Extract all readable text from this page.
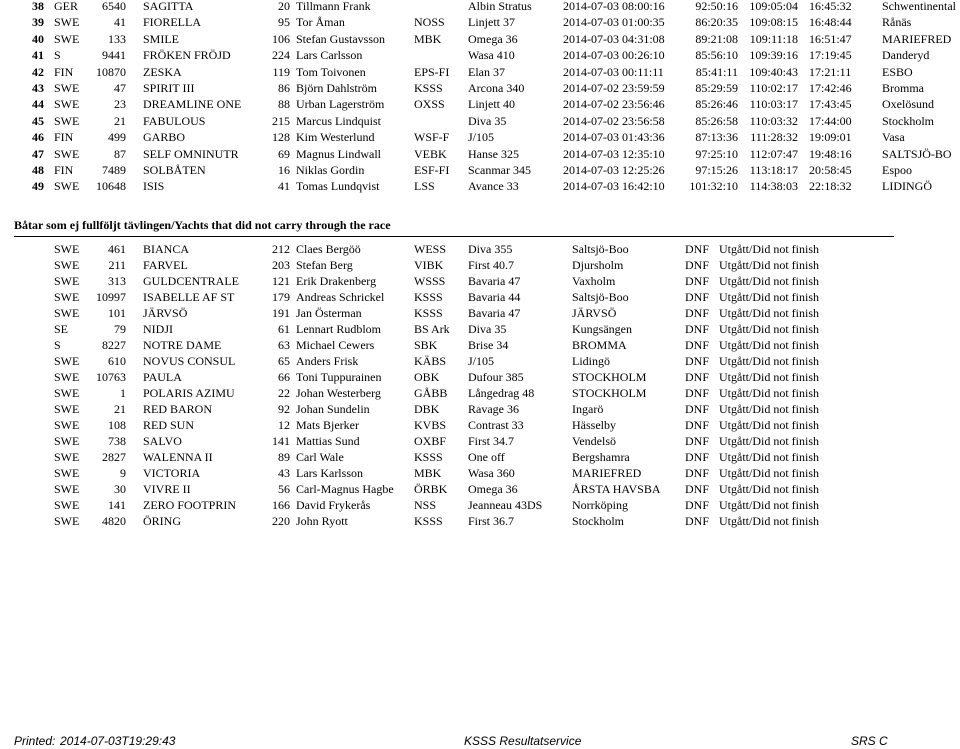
38 GER	6540 SAGITTA	20 Tillmann Frank	Albin Stratus	2014-07-03 08:00:16	92:50:16 109:05:04 16:45:32	Schwentinental
39 SWE	41 FIORELLA	95 Tor Åman	NOSS	Linjett 37	2014-07-03 01:00:35	86:20:35 109:08:15 16:48:44	Rånäs
40 SWE	133 SMILE	106 Stefan Gustavsson	MBK	Omega 36	2014-07-03 04:31:08	89:21:08 109:11:18 16:51:47	MARIEFRED
41 S	9441 FRÖKEN FRÖJD	224 Lars Carlsson	Wasa 410	2014-07-03 00:26:10	85:56:10 109:39:16 17:19:45	Danderyd
42 FIN	10870 ZESKA	119 Tom Toivonen	EPS-FI	Elan 37	2014-07-03 00:11:11	85:41:11 109:40:43 17:21:11	ESBO
43 SWE	47 SPIRIT III	86 Björn Dahlström	KSSS	Arcona 340	2014-07-02 23:59:59	85:29:59 110:02:17 17:42:46	Bromma
44 SWE	23 DREAMLINE ONE	88 Urban Lagerström	OXSS	Linjett 40	2014-07-02 23:56:46	85:26:46 110:03:17 17:43:45	Oxelösund
45 SWE	21 FABULOUS	215 Marcus Lindquist	Diva 35	2014-07-02 23:56:58	85:26:58 110:03:32 17:44:00	Stockholm
46 FIN	499 GARBO	128 Kim Westerlund	WSF-F	J/105	2014-07-03 01:43:36	87:13:36	111:28:32 19:09:01	Vasa
47 SWE	87 SELF OMNINUTR	69 Magnus Lindwall	VEBK	Hanse 325	2014-07-03 12:35:10	97:25:10 112:07:47 19:48:16	SALTSJÖ-BO
48 FIN	7489 SOLBÅTEN	16 Niklas Gordin	ESF-FI	Scanmar 345	2014-07-03 12:25:26	97:15:26 113:18:17 20:58:45	Espoo
49 SWE	10648 ISIS	41 Tomas Lundqvist	LSS	Avance 33	2014-07-03 16:42:10	101:32:10 114:38:03 22:18:32	LIDINGÖ
Båtar som ej fullföljt tävlingen/Yachts that did not carry through the race
SWE	461 BIANCA	212 Claes Bergöö	WESS	Diva 355	Saltsjö-Boo	DNF Utgått/Did not finish
SWE	211 FARVEL	203 Stefan Berg	VIBK	First 40.7	Djursholm	DNF Utgått/Did not finish
SWE	313 GULDCENTRALE	121 Erik Drakenberg	WSSS	Bavaria 47	Vaxholm	DNF Utgått/Did not finish
SWE	10997 ISABELLE AF ST	179 Andreas Schrickel	KSSS	Bavaria 44	Saltsjö-Boo	DNF Utgått/Did not finish
SWE	101 JÄRVSÖ	191 Jan Österman	KSSS	Bavaria 47	JÄRVSÖ	DNF Utgått/Did not finish
SE	79 NIDJI	61 Lennart Rudblom	BS Ark	Diva 35	Kungsängen	DNF Utgått/Did not finish
S	8227 NOTRE DAME	63 Michael Cewers	SBK	Brise 34	BROMMA	DNF Utgått/Did not finish
SWE	610 NOVUS CONSUL	65 Anders Frisk	KÄBS	J/105	Lidingö	DNF Utgått/Did not finish
SWE	10763 PAULA	66 Toni Tuppurainen	OBK	Dufour 385	STOCKHOLM	DNF Utgått/Did not finish
SWE	1 POLARIS AZIMU	22 Johan Westerberg	GÅBB	Långedrag 48	STOCKHOLM	DNF Utgått/Did not finish
SWE	21 RED BARON	92 Johan Sundelin	DBK	Ravage 36	Ingarö	DNF Utgått/Did not finish
SWE	108 RED SUN	12 Mats Bjerker	KVBS	Contrast 33	Hässelby	DNF Utgått/Did not finish
SWE	738 SALVO	141 Mattias Sund	OXBF	First 34.7	Vendelsö	DNF Utgått/Did not finish
SWE	2827 WALENNA II	89 Carl Wale	KSSS	One off	Bergshamra	DNF Utgått/Did not finish
SWE	9 VICTORIA	43 Lars Karlsson	MBK	Wasa 360	MARIEFRED	DNF Utgått/Did not finish
SWE	30 VIVRE II	56 Carl-Magnus Hagbe	ÖRBK	Omega 36	ÅRSTA HAVSBA	DNF Utgått/Did not finish
SWE	141 ZERO FOOTPRIN	166 David Frykerås	NSS	Jeanneau 43DS	Norrköping	DNF Utgått/Did not finish
SWE	4820 ÖRING	220 John Ryott	KSSS	First 36.7	Stockholm	DNF Utgått/Did not finish
Printed: 2014-07-03T19:29:43	KSSS Resultatservice	SRS C
